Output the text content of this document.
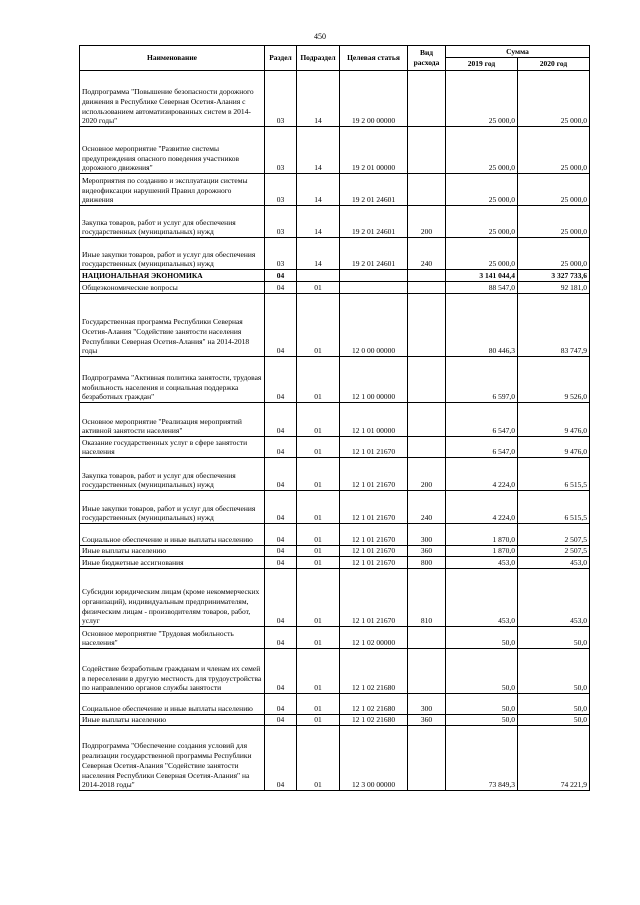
450
Наименование	Раздел	Подраздел	Целевая статья	Вид расхода	Сумма	
					2019 год	2020 год
Подпрограмма "Повышение безопасности дорожного движения в Республике Северная Осетия-Алания с использованием автоматизированных систем в 2014-2020 годы"	03	14	19 2 00 00000		25 000,0	25 000,0
Основное мероприятие "Развитие системы предупреждения опасного поведения участников дорожного движения"	03	14	19 2 01 00000		25 000,0	25 000,0
Мероприятия по созданию и эксплуатации системы видеофиксации нарушений Правил дорожного движения	03	14	19 2 01 24601		25 000,0	25 000,0
Закупка товаров, работ и услуг для обеспечения государственных (муниципальных) нужд	03	14	19 2 01 24601	200	25 000,0	25 000,0
Иные закупки товаров, работ и услуг для обеспечения государственных (муниципальных) нужд	03	14	19 2 01 24601	240	25 000,0	25 000,0
НАЦИОНАЛЬНАЯ ЭКОНОМИКА	04				3 141 044,4	3 327 733,6
Общеэкономические вопросы	04	01			88 547,0	92 181,0
Государственная программа Республики Северная Осетия-Алания "Содействие занятости населения Республики Северная Осетия-Алания" на 2014-2018 годы	04	01	12 0 00 00000		80 446,3	83 747,9
Подпрограмма "Активная политика занятости, трудовая мобильность населения и социальная поддержка безработных граждан"	04	01	12 1 00 00000		6 597,0	9 526,0
Основное мероприятие "Реализация мероприятий активной занятости населения"	04	01	12 1 01 00000		6 547,0	9 476,0
Оказание государственных услуг в сфере занятости населения	04	01	12 1 01 21670		6 547,0	9 476,0
Закупка товаров, работ и услуг для обеспечения государственных (муниципальных) нужд	04	01	12 1 01 21670	200	4 224,0	6 515,5
Иные закупки товаров, работ и услуг для обеспечения государственных (муниципальных) нужд	04	01	12 1 01 21670	240	4 224,0	6 515,5
Социальное обеспечение и иные выплаты населению	04	01	12 1 01 21670	300	1 870,0	2 507,5
Иные выплаты населению	04	01	12 1 01 21670	360	1 870,0	2 507,5
Иные бюджетные ассигнования	04	01	12 1 01 21670	800	453,0	453,0
Субсидии юридическим лицам (кроме некоммерческих организаций), индивидуальным предпринимателям, физическим лицам - производителям товаров, работ, услуг	04	01	12 1 01 21670	810	453,0	453,0
Основное мероприятие "Трудовая мобильность населения"	04	01	12 1 02 00000		50,0	50,0
Содействие безработным гражданам и членам их семей в переселении в другую местность для трудоустройства по направлению органов службы занятости	04	01	12 1 02 21680		50,0	50,0
Социальное обеспечение и иные выплаты населению	04	01	12 1 02 21680	300	50,0	50,0
Иные выплаты населению	04	01	12 1 02 21680	360	50,0	50,0
Подпрограмма "Обеспечение создания условий для реализации государственной программы Республики Северная Осетия-Алания "Содействие занятости населения Республики Северная Осетия-Алания" на 2014-2018 годы"	04	01	12 3 00 00000		73 849,3	74 221,9
